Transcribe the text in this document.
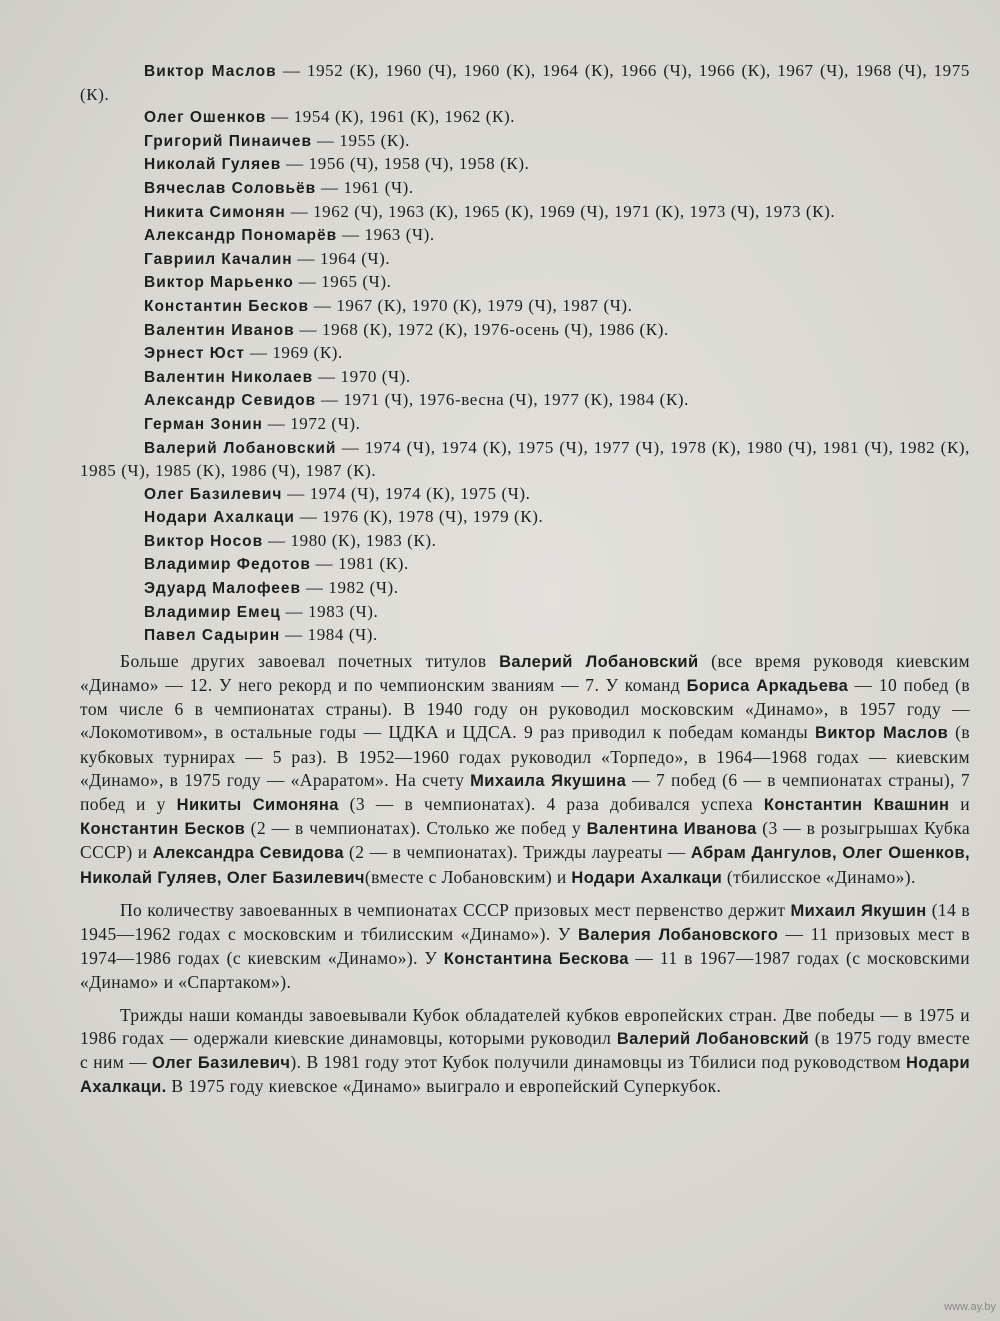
Виктор Маслов — 1952 (К), 1960 (Ч), 1960 (К), 1964 (К), 1966 (Ч), 1966 (К), 1967 (Ч), 1968 (Ч), 1975 (К).
Олег Ошенков — 1954 (К), 1961 (К), 1962 (К).
Григорий Пинаичев — 1955 (К).
Николай Гуляев — 1956 (Ч), 1958 (Ч), 1958 (К).
Вячеслав Соловьёв — 1961 (Ч).
Никита Симонян — 1962 (Ч), 1963 (К), 1965 (К), 1969 (Ч), 1971 (К), 1973 (Ч), 1973 (К).
Александр Пономарёв — 1963 (Ч).
Гавриил Качалин — 1964 (Ч).
Виктор Марьенко — 1965 (Ч).
Константин Бесков — 1967 (К), 1970 (К), 1979 (Ч), 1987 (Ч).
Валентин Иванов — 1968 (К), 1972 (К), 1976-осень (Ч), 1986 (К).
Эрнест Юст — 1969 (К).
Валентин Николаев — 1970 (Ч).
Александр Севидов — 1971 (Ч), 1976-весна (Ч), 1977 (К), 1984 (К).
Герман Зонин — 1972 (Ч).
Валерий Лобановский — 1974 (Ч), 1974 (К), 1975 (Ч), 1977 (Ч), 1978 (К), 1980 (Ч), 1981 (Ч), 1982 (К), 1985 (Ч), 1985 (К), 1986 (Ч), 1987 (К).
Олег Базилевич — 1974 (Ч), 1974 (К), 1975 (Ч).
Нодари Ахалкаци — 1976 (К), 1978 (Ч), 1979 (К).
Виктор Носов — 1980 (К), 1983 (К).
Владимир Федотов — 1981 (К).
Эдуард Малофеев — 1982 (Ч).
Владимир Емец — 1983 (Ч).
Павел Садырин — 1984 (Ч).

Больше других завоевал почетных титулов Валерий Лобановский (все время руководя киевским «Динамо» — 12. У него рекорд и по чемпионским званиям — 7. У команд Бориса Аркадьева — 10 побед (в том числе 6 в чемпионатах страны). В 1940 году он руководил московским «Динамо», в 1957 году — «Локомотивом», в остальные годы — ЦДКА и ЦДСА. 9 раз приводил к победам команды Виктор Маслов (в кубковых турнирах — 5 раз). В 1952—1960 годах руководил «Торпедо», в 1964—1968 годах — киевским «Динамо», в 1975 году — «Араратом». На счету Михаила Якушина — 7 побед (6 — в чемпионатах страны), 7 побед и у Никиты Симоняна (3 — в чемпионатах). 4 раза добивался успеха Константин Квашнин и Константин Бесков (2 — в чемпионатах). Столько же побед у Валентина Иванова (3 — в розыгрышах Кубка СССР) и Александра Севидова (2 — в чемпионатах). Трижды лауреаты — Абрам Дангулов, Олег Ошенков, Николай Гуляев, Олег Базилевич(вместе с Лобановским) и Нодари Ахалкаци (тбилисское «Динамо»).

По количеству завоеванных в чемпионатах СССР призовых мест первенство держит Михаил Якушин (14 в 1945—1962 годах с московским и тбилисским «Динамо»). У Валерия Лобановского — 11 призовых мест в 1974—1986 годах (с киевским «Динамо»). У Константина Бескова — 11 в 1967—1987 годах (с московскими «Динамо» и «Спартаком»).

Трижды наши команды завоевывали Кубок обладателей кубков европейских стран. Две победы — в 1975 и 1986 годах — одержали киевские динамовцы, которыми руководил Валерий Лобановский (в 1975 году вместе с ним — Олег Базилевич). В 1981 году этот Кубок получили динамовцы из Тбилиси под руководством Нодари Ахалкаци. В 1975 году киевское «Динамо» выиграло и европейский Суперкубок.

www.ay.by
